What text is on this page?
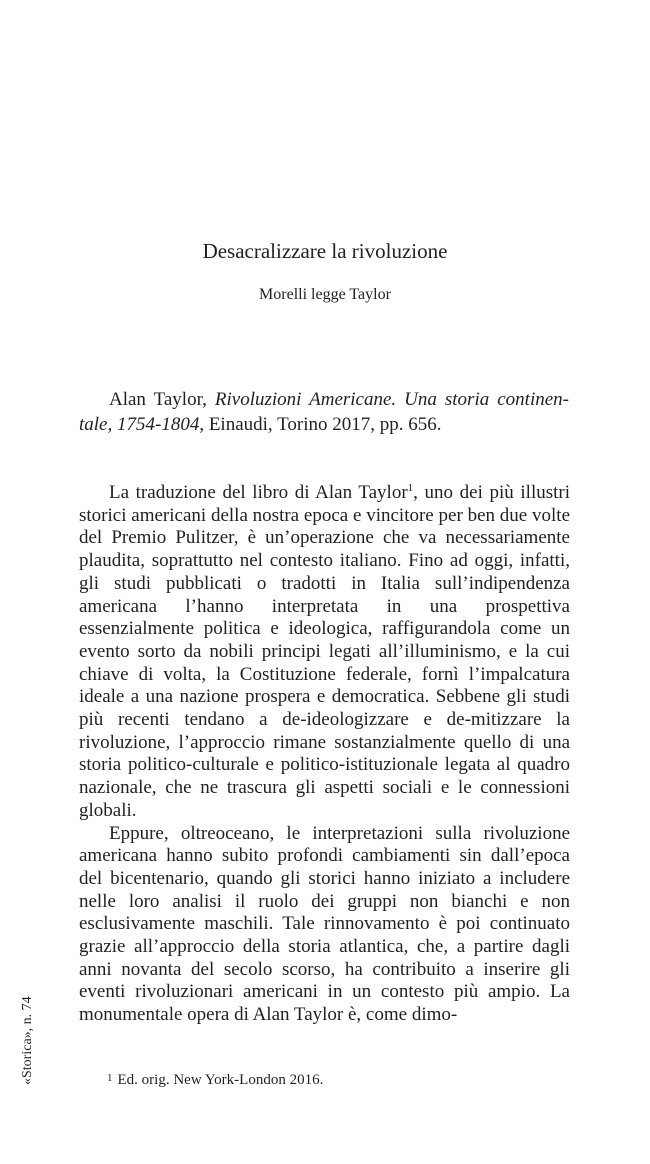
Desacralizzare la rivoluzione
Morelli legge Taylor

Alan Taylor, Rivoluzioni Americane. Una storia continen-tale, 1754-1804, Einaudi, Torino 2017, pp. 656.

La traduzione del libro di Alan Taylor$^1$, uno dei più illustri storici americani della nostra epoca e vincitore per ben due volte del Premio Pulitzer, è un’operazione che va necessariamente plaudita, soprattutto nel contesto italiano. Fino ad oggi, infatti, gli studi pubblicati o tradotti in Italia sull’indipendenza americana l’hanno interpretata in una prospettiva essenzialmente politica e ideologica, raffigurandola come un evento sorto da nobili principi legati all’illuminismo, e la cui chiave di volta, la Costituzione federale, fornì l’impalcatura ideale a una nazione prospera e democratica. Sebbene gli studi più recenti tendano a de-ideologizzare e de-mitizzare la rivoluzione, l’approccio rimane sostanzialmente quello di una storia politico-culturale e politico-istituzionale legata al quadro nazionale, che ne trascura gli aspetti sociali e le connessioni globali.

Eppure, oltreoceano, le interpretazioni sulla rivoluzione americana hanno subito profondi cambiamenti sin dall’epoca del bicentenario, quando gli storici hanno iniziato a includere nelle loro analisi il ruolo dei gruppi non bianchi e non esclusivamente maschili. Tale rinnovamento è poi continuato grazie all’approccio della storia atlantica, che, a partire dagli anni novanta del secolo scorso, ha contribuito a inserire gli eventi rivoluzionari americani in un contesto più ampio. La monumentale opera di Alan Taylor è, come dimo-

$^1$ Ed. orig. New York-London 2016.
«Storica», n. 74
